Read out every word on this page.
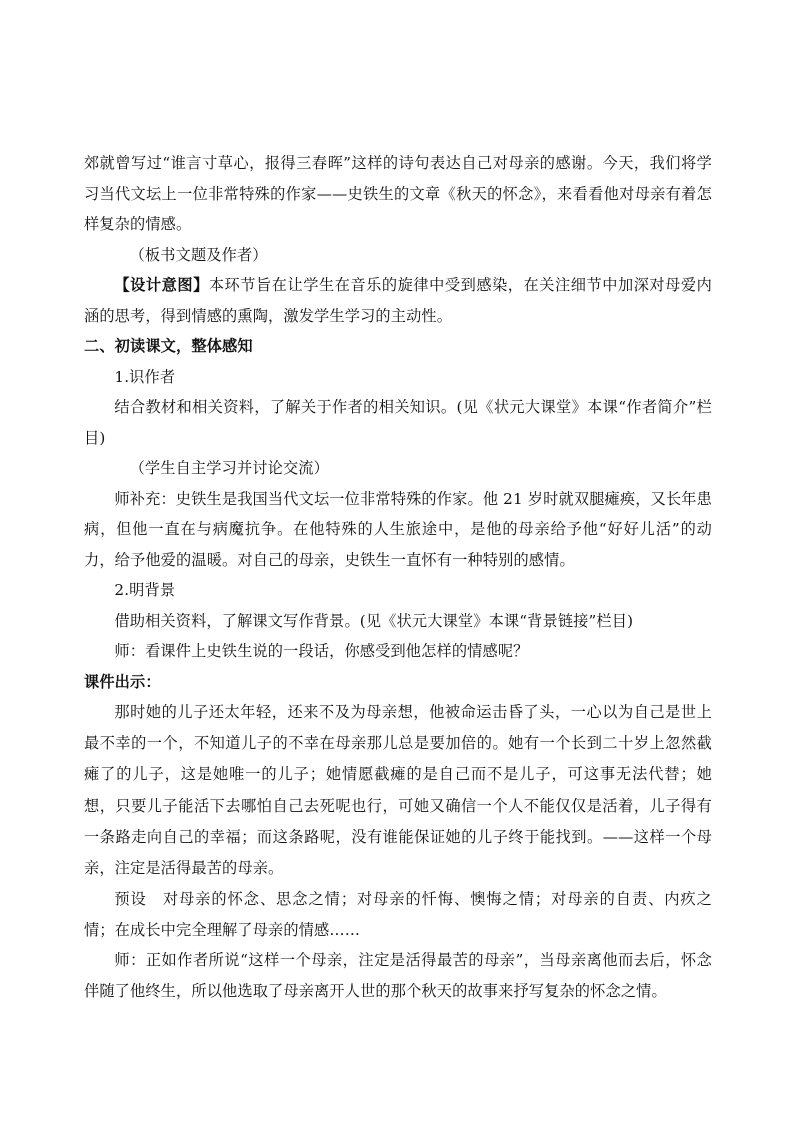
郊就曾写过“谁言寸草心，报得三春晖”这样的诗句表达自己对母亲的感谢。今天，我们将学习当代文坛上一位非常特殊的作家——史铁生的文章《秋天的怀念》，来看看他对母亲有着怎样复杂的情感。

（板书文题及作者）

【设计意图】本环节旨在让学生在音乐的旋律中受到感染，在关注细节中加深对母爱内涵的思考，得到情感的熏陶，激发学生学习的主动性。

二、初读课文，整体感知

1.识作者

结合教材和相关资料，了解关于作者的相关知识。(见《状元大课堂》本课“作者简介”栏目)

（学生自主学习并讨论交流）

师补充：史铁生是我国当代文坛一位非常特殊的作家。他 21 岁时就双腿瘫痪，又长年患病，但他一直在与病魔抗争。在他特殊的人生旅途中，是他的母亲给予他“好好儿活”的动力，给予他爱的温暖。对自己的母亲，史铁生一直怀有一种特别的感情。

2.明背景

借助相关资料，了解课文写作背景。(见《状元大课堂》本课“背景链接”栏目)

师：看课件上史铁生说的一段话，你感受到他怎样的情感呢？

课件出示：

那时她的儿子还太年轻，还来不及为母亲想，他被命运击昏了头，一心以为自己是世上最不幸的一个，不知道儿子的不幸在母亲那儿总是要加倍的。她有一个长到二十岁上忽然截瘫了的儿子，这是她唯一的儿子；她情愿截瘫的是自己而不是儿子，可这事无法代替；她想，只要儿子能活下去哪怕自己去死呢也行，可她又确信一个人不能仅仅是活着，儿子得有一条路走向自己的幸福；而这条路呢，没有谁能保证她的儿子终于能找到。——这样一个母亲，注定是活得最苦的母亲。

预设　对母亲的怀念、思念之情；对母亲的忏悔、懊悔之情；对母亲的自责、内疚之情；在成长中完全理解了母亲的情感……

师：正如作者所说“这样一个母亲，注定是活得最苦的母亲”，当母亲离他而去后，怀念伴随了他终生，所以他选取了母亲离开人世的那个秋天的故事来抒写复杂的怀念之情。
